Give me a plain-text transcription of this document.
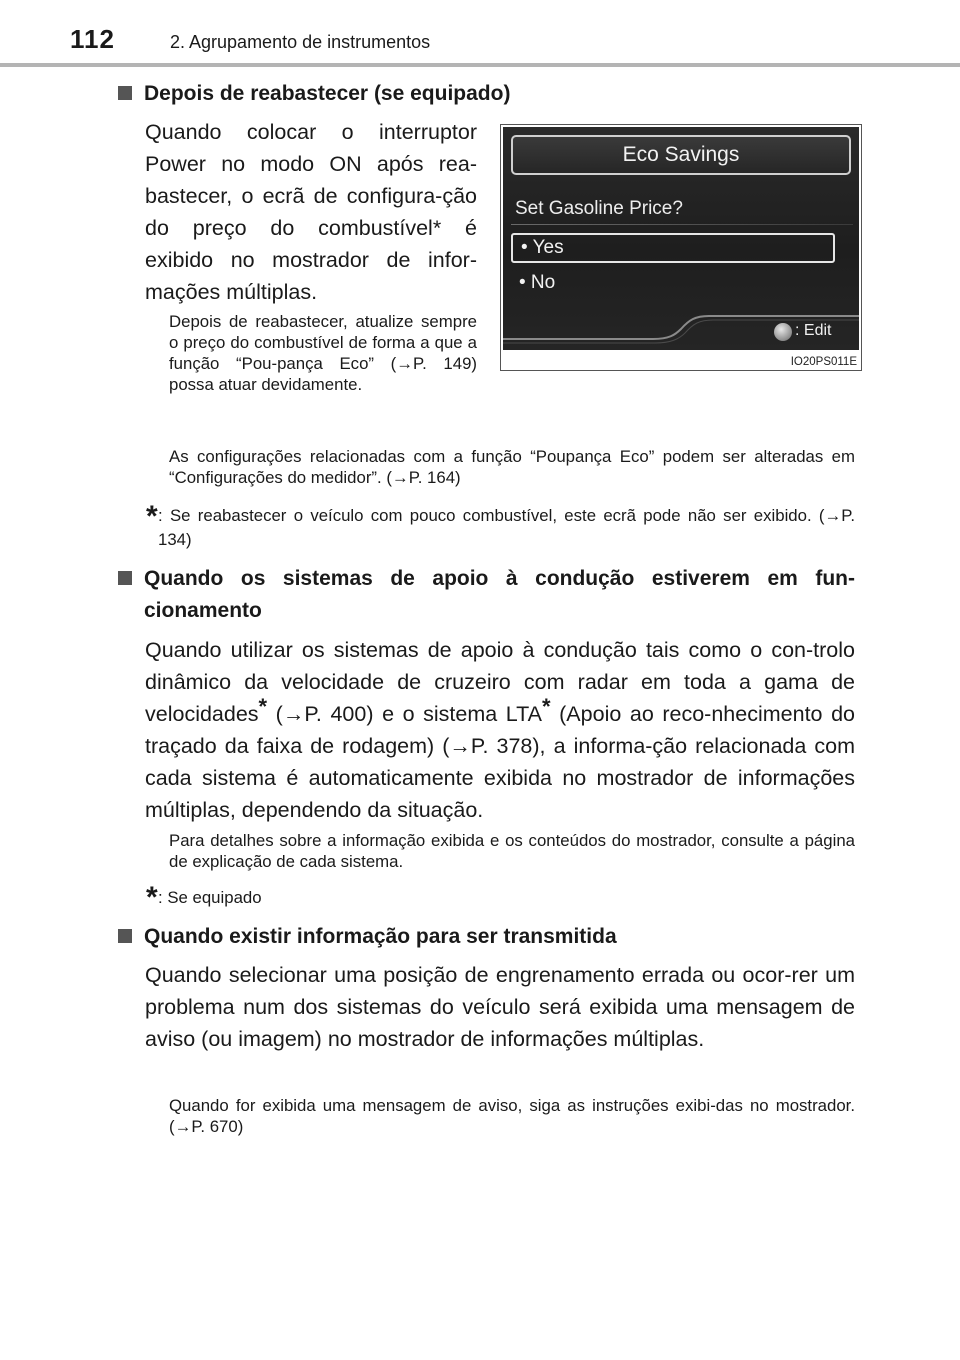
112	2. Agrupamento de instrumentos
Depois de reabastecer (se equipado)
Quando colocar o interruptor Power no modo ON após rea-bastecer, o ecrã de configura-ção do preço do combustível* é exibido no mostrador de infor-mações múltiplas.
Depois de reabastecer, atualize sempre o preço do combustível de forma a que a função “Pou-pança Eco” (→P. 149) possa atuar devidamente.
Eco Savings
Set Gasoline Price?
• Yes
• No
: Edit
IO20PS011E
As configurações relacionadas com a função “Poupança Eco” podem ser alteradas em “Configurações do medidor”. (→P. 164)
* : Se reabastecer o veículo com pouco combustível, este ecrã pode não ser exibido. (→P. 134)
Quando os sistemas de apoio à condução estiverem em fun-cionamento
Quando utilizar os sistemas de apoio à condução tais como o con-trolo dinâmico da velocidade de cruzeiro com radar em toda a gama de velocidades* (→P. 400) e o sistema LTA* (Apoio ao reco-nhecimento do traçado da faixa de rodagem) (→P. 378), a informa-ção relacionada com cada sistema é automaticamente exibida no mostrador de informações múltiplas, dependendo da situação.
Para detalhes sobre a informação exibida e os conteúdos do mostrador, consulte a página de explicação de cada sistema.
* : Se equipado
Quando existir informação para ser transmitida
Quando selecionar uma posição de engrenamento errada ou ocor-rer um problema num dos sistemas do veículo será exibida uma mensagem de aviso (ou imagem) no mostrador de informações múltiplas.
Quando for exibida uma mensagem de aviso, siga as instruções exibi-das no mostrador. (→P. 670)
